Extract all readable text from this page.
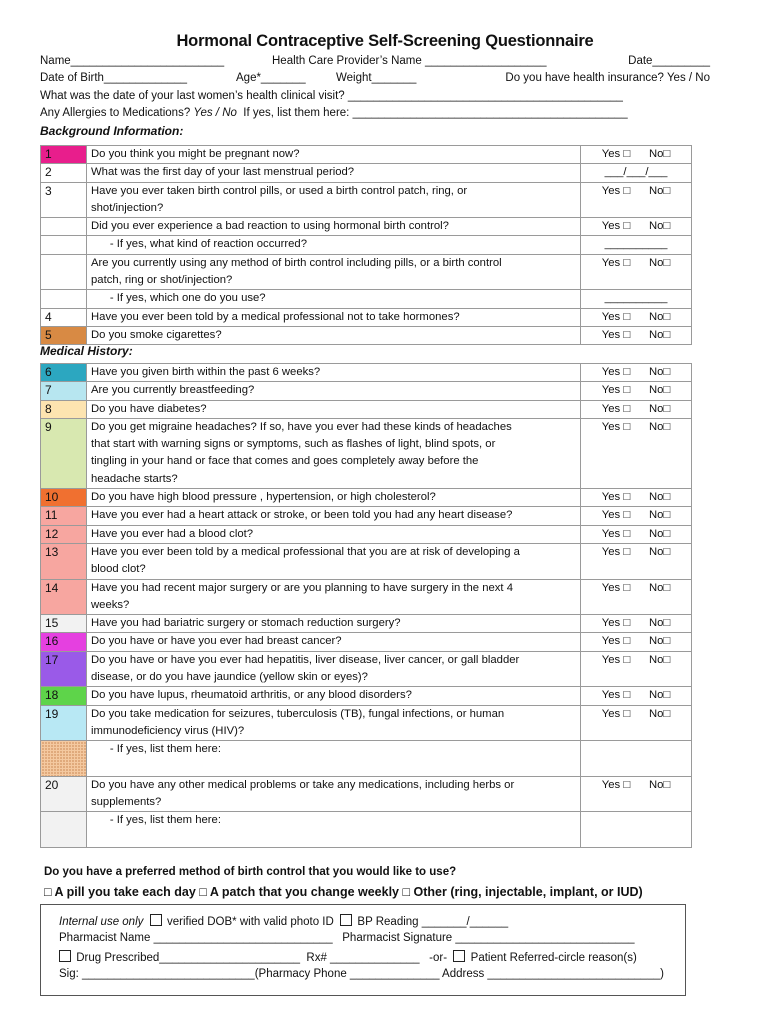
Hormonal Contraceptive Self-Screening Questionnaire
Name________________________	Health Care Provider’s Name ___________________	Date_________
Date of Birth_____________	Age*_______	Weight_______	Do you have health insurance? Yes / No
What was the date of your last women’s health clinical visit? ___________________________________________
Any Allergies to Medications? Yes / No If yes, list them here: ___________________________________________
Background Information:
1	Do you think you might be pregnant now?	Yes □      No□
2	What was the first day of your last menstrual period?	___/___/___
3	Have you ever taken birth control pills, or used a birth control patch, ring, or
shot/injection?	Yes □      No□

	Did you ever experience a bad reaction to using hormonal birth control?	Yes □      No□

	- If yes, what kind of reaction occurred?	__________

	Are you currently using any method of birth control including pills, or a birth control
patch, ring or shot/injection?	Yes □      No□

	- If yes, which one do you use?	__________
4	Have you ever been told by a medical professional not to take hormones?	Yes □      No□
5	Do you smoke cigarettes?	Yes □      No□
Medical History:
6	Have you given birth within the past 6 weeks?	Yes □      No□
7	Are you currently breastfeeding?	Yes □      No□
8	Do you have diabetes?	Yes □      No□
9	Do you get migraine headaches? If so, have you ever had these kinds of headaches
that start with warning signs or symptoms, such as flashes of light, blind spots, or
tingling in your hand or face that comes and goes completely away before the
headache starts?	Yes □      No□
10	Do you have high blood pressure , hypertension, or high cholesterol?	Yes □      No□
11	Have you ever had a heart attack or stroke, or been told you had any heart disease?	Yes □      No□
12	Have you ever had a blood clot?	Yes □      No□
13	Have you ever been told by a medical professional that you are at risk of developing a
blood clot?	Yes □      No□
14	Have you had recent major surgery or are you planning to have surgery in the next 4
weeks?	Yes □      No□
15	Have you had bariatric surgery or stomach reduction surgery?	Yes □      No□
16	Do you have or have you ever had breast cancer?	Yes □      No□
17	Do you have or have you ever had hepatitis, liver disease, liver cancer, or gall bladder
disease, or do you have jaundice (yellow skin or eyes)?	Yes □      No□
18	Do you have lupus, rheumatoid arthritis, or any blood disorders?	Yes □      No□
19	Do you take medication for seizures, tuberculosis (TB), fungal infections, or human
immunodeficiency virus (HIV)?	Yes □      No□

	- If yes, list them here:	

20	Do you have any other medical problems or take any medications, including herbs or
supplements?	Yes □      No□

	- If yes, list them here:	

Do you have a preferred method of birth control that you would like to use?
□ A pill you take each day □ A patch that you change weekly □ Other (ring, injectable, implant, or IUD)
Internal use only verified DOB* with valid photo ID BP Reading _______/______
Pharmacist Name ____________________________ Pharmacist Signature ____________________________
Drug Prescribed______________________ Rx# ______________ -or- Patient Referred-circle reason(s)
Sig: ___________________________(Pharmacy Phone ______________ Address ___________________________)
